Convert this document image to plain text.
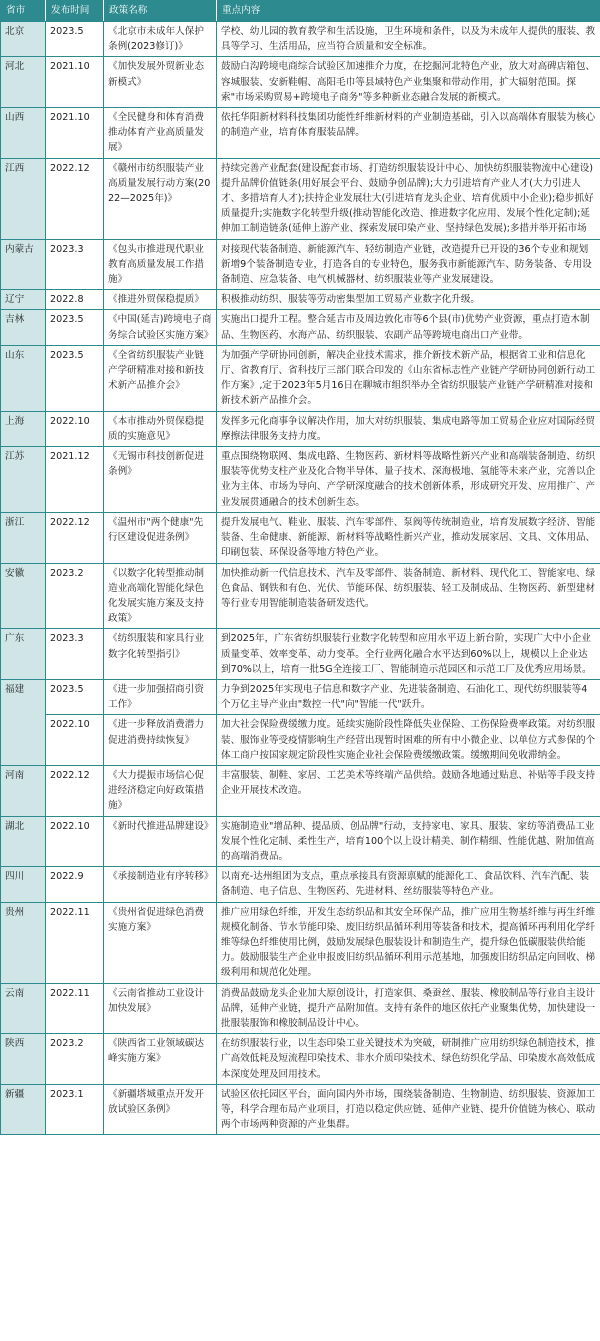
省市	发布时间	政策名称	重点内容
北京	2023.5	《北京市未成年人保护条例(2023修订)》	学校、幼儿园的教育教学和生活设施，卫生环境和条件，以及为未成年人提供的服装、教具等学习、生活用品，应当符合质量和安全标准。
河北	2021.10	《加快发展外贸新业态新模式》	鼓励白沟跨境电商综合试验区加速推介力度，在挖掘河北特色产业，放大对高碑店箱包、容城服装、安新鞋帽、高阳毛巾等县域特色产业集聚和带动作用，扩大辐射范围。探索"市场采购贸易+跨境电子商务"等多种新业态融合发展的新模式。
山西	2021.10	《全民健身和体育消费推动体育产业高质量发展》	依托华阳新材料科技集团功能性纤维新材料的产业制造基础，引入以高端体育服装为核心的制造产业，培育体育服装品牌。
江西	2022.12	《赣州市纺织服装产业高质量发展行动方案(2022—2025年)》	持续完善产业配套(建设配套市场、打造纺织服装设计中心、加快纺织服装物流中心建设)提升品牌价值链条(用好展会平台、鼓励争创品牌);大力引进培育产业人才(大力引进人才、多措培育人才);扶持企业发展壮大(引进培育龙头企业、培育优质中小企业);稳步抓好质量提升;实施数字化转型升级(推动智能化改造、推进数字化应用、发展个性化定制);延伸加工制造链条(延伸上游产业、探索发展印染产业、坚持绿色发展);多措并举开拓市场
内蒙古	2023.3	《包头市推进现代职业教育高质量发展工作措施》	对接现代装备制造、新能源汽车、轻纺制造产业链，改造提升已开设的36个专业和规划新增9个装备制造专业，打造各自的专业特色，服务我市新能源汽车、防务装备、专用设备制造、应急装备、电气机械器材、纺织服装业等产业发展建设。
辽宁	2022.8	《推进外贸保稳提质》	积极推动纺织、服装等劳动密集型加工贸易产业数字化升级。
吉林	2023.5	《中国(延吉)跨境电子商务综合试验区实施方案》	实施出口提升工程。整合延吉市及周边敦化市等6个县(市)优势产业资源，重点打造木制品、生物医药、水海产品、纺织服装、农副产品等跨境电商出口产业带。
山东	2023.5	《全省纺织服装产业链产学研精准对接和新技术新产品推介会》	为加强产学研协同创新，解决企业技术需求，推介新技术新产品，根据省工业和信息化厅、省教育厅、省科技厅三部门联合印发的《山东省标志性产业链产学研协同创新行动工作方案》,定于2023年5月16日在聊城市组织举办全省纺织服装产业链产学研精准对接和新技术新产品推介会。
上海	2022.10	《本市推动外贸保稳提质的实施意见》	发挥多元化商事争议解决作用，加大对纺织服装、集成电路等加工贸易企业应对国际经贸摩擦法律服务支持力度。
江苏	2021.12	《无锡市科技创新促进条例》	重点围绕物联网、集成电路、生物医药、新材料等战略性新兴产业和高端装备制造、纺织服装等优势支柱产业及化合物半导体、量子技术、深海极地、氢能等未来产业，完善以企业为主体、市场为导向、产学研深度融合的技术创新体系，形成研究开发、应用推广、产业发展贯通融合的技术创新生态。
浙江	2022.12	《温州市"两个健康"先行区建设促进条例》	提升发展电气、鞋业、服装、汽车零部件、泵阀等传统制造业，培育发展数字经济、智能装备、生命健康、新能源、新材料等战略性新兴产业，推动发展家居、文具、文体用品、印刷包装、环保设备等地方特色产业。
安徽	2023.2	《以数字化转型推动制造业高端化智能化绿色化发展实施方案及支持政策》	加快推动新一代信息技术、汽车及零部件、装备制造、新材料、现代化工、智能家电、绿色食品、钢铁和有色、光伏、节能环保、纺织服装、轻工及制成品、生物医药、新型建材等行业专用智能制造装备研发迭代。
广东	2023.3	《纺织服装和家具行业数字化转型指引》	到2025年，广东省纺织服装行业数字化转型和应用水平迈上新台阶，实现广大中小企业质量变革、效率变革、动力变革。全行业两化融合水平达到60%以上，规模以上企业达到70%以上，培育一批5G全连接工厂、智能制造示范园区和示范工厂及优秀应用场景。
福建	2023.5	《进一步加强招商引资工作》	力争到2025年实现电子信息和数字产业、先进装备制造、石油化工、现代纺织服装等4个万亿主导产业由"数控一代"向"智能一代"跃升。
	2022.10	《进一步释放消费潜力促进消费持续恢复》	加大社会保险费缓缴力度。延续实施阶段性降低失业保险、工伤保险费率政策。对纺织服装、服饰业等受疫情影响生产经营出现暂时困难的所有中小微企业、以单位方式参保的个体工商户按国家规定阶段性实施企业社会保险费缓缴政策。缓缴期间免收滞纳金。
河南	2022.12	《大力提振市场信心促进经济稳定向好政策措施》	丰富服装、制鞋、家居、工艺美术等终端产品供给。鼓励各地通过贴息、补贴等手段支持企业开展技术改造。
湖北	2022.10	《新时代推进品牌建设》	实施制造业"增品种、提品质、创品牌"行动，支持家电、家具、服装、家纺等消费品工业发展个性化定制、柔性生产，培育100个以上设计精美、制作精细、性能优越、附加值高的高端消费品。
四川	2022.9	《承接制造业有序转移》	以南充-达州组团为支点，重点承接具有资源禀赋的能源化工、食品饮料、汽车汽配、装备制造、电子信息、生物医药、先进材料、丝纺服装等特色产业。
贵州	2022.11	《贵州省促进绿色消费实施方案》	推广应用绿色纤维，开发生态纺织品和其安全环保产品，推广应用生物基纤维与再生纤维规模化制备、节水节能印染、废旧纺织品循环利用等装备和技术，提高循环再利用化学纤维等绿色纤维使用比例，鼓励发展绿色服装设计和制造生产，提升绿色低碳服装供给能力。鼓励服装生产企业申报废旧纺织品循环利用示范基地，加强废旧纺织品定向回收、梯级利用和规范化处理。
云南	2022.11	《云南省推动工业设计加快发展》	消费品鼓励龙头企业加大原创设计，打造家俱、桑蚕丝、服装、橡胶制品等行业自主设计品牌，延伸产业链，提升产品附加值。支持有条件的地区依托产业聚集优势，加快建设一批服装服饰和橡胶制品设计中心。
陕西	2023.2	《陕西省工业领域碳达峰实施方案》	在纺织服装行业，以生态印染工业关键技术为突破，研制推广应用纺织绿色制造技术，推广高效低耗及短流程印染技术、非水介质印染技术、绿色纺织化学品、印染废水高效低成本深度处理及回用技术。
新疆	2023.1	《新疆塔城重点开发开放试验区条例》	试验区依托园区平台，面向国内外市场，围绕装备制造、生物制造、纺织服装、资源加工等，科学合理布局产业项目，打造以稳定供应链、延伸产业链、提升价值链为核心、联动两个市场两种资源的产业集群。
